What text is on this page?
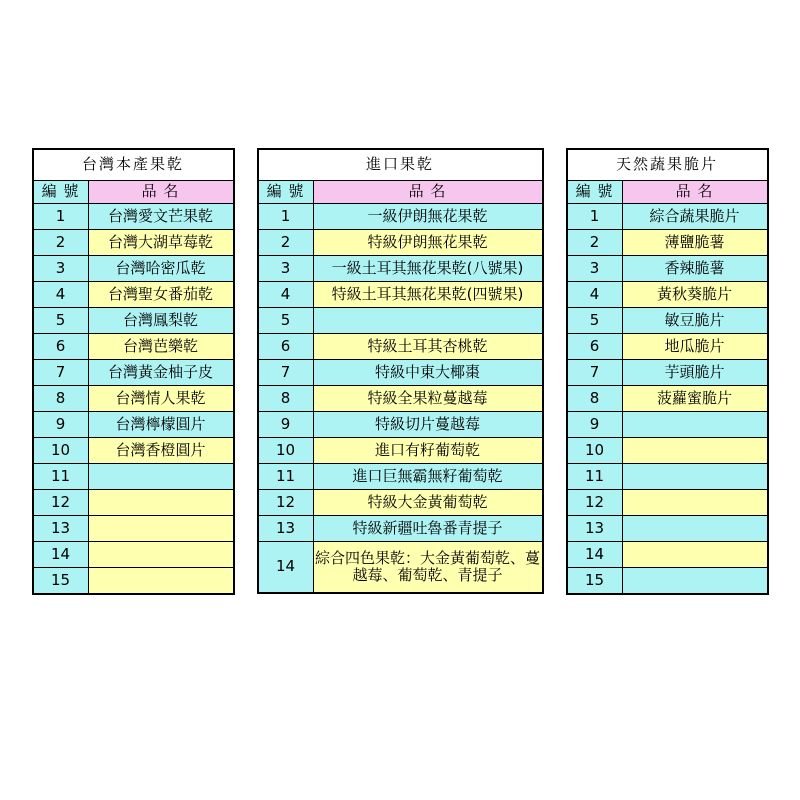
台灣本產果乾	
編 號	品 名
1	台灣愛文芒果乾
2	台灣大湖草莓乾
3	台灣哈密瓜乾
4	台灣聖女番茄乾
5	台灣鳳梨乾
6	台灣芭樂乾
7	台灣黃金柚子皮
8	台灣情人果乾
9	台灣檸檬圓片
10	台灣香橙圓片
11	
12	
13	
14	
15	
進口果乾	
編 號	品 名
1	一級伊朗無花果乾
2	特級伊朗無花果乾
3	一級土耳其無花果乾(八號果)
4	特級土耳其無花果乾(四號果)
5	
6	特級土耳其杏桃乾
7	特級中東大椰棗
8	特級全果粒蔓越莓
9	特級切片蔓越莓
10	進口有籽葡萄乾
11	進口巨無霸無籽葡萄乾
12	特級大金黃葡萄乾
13	特級新疆吐魯番青提子
14	綜合四色果乾：大金黃葡萄乾、蔓越莓、葡萄乾、青提子
天然蔬果脆片	
編 號	品 名
1	綜合蔬果脆片
2	薄鹽脆薯
3	香辣脆薯
4	黃秋葵脆片
5	敏豆脆片
6	地瓜脆片
7	芋頭脆片
8	菠蘿蜜脆片
9	
10	
11	
12	
13	
14	
15	
